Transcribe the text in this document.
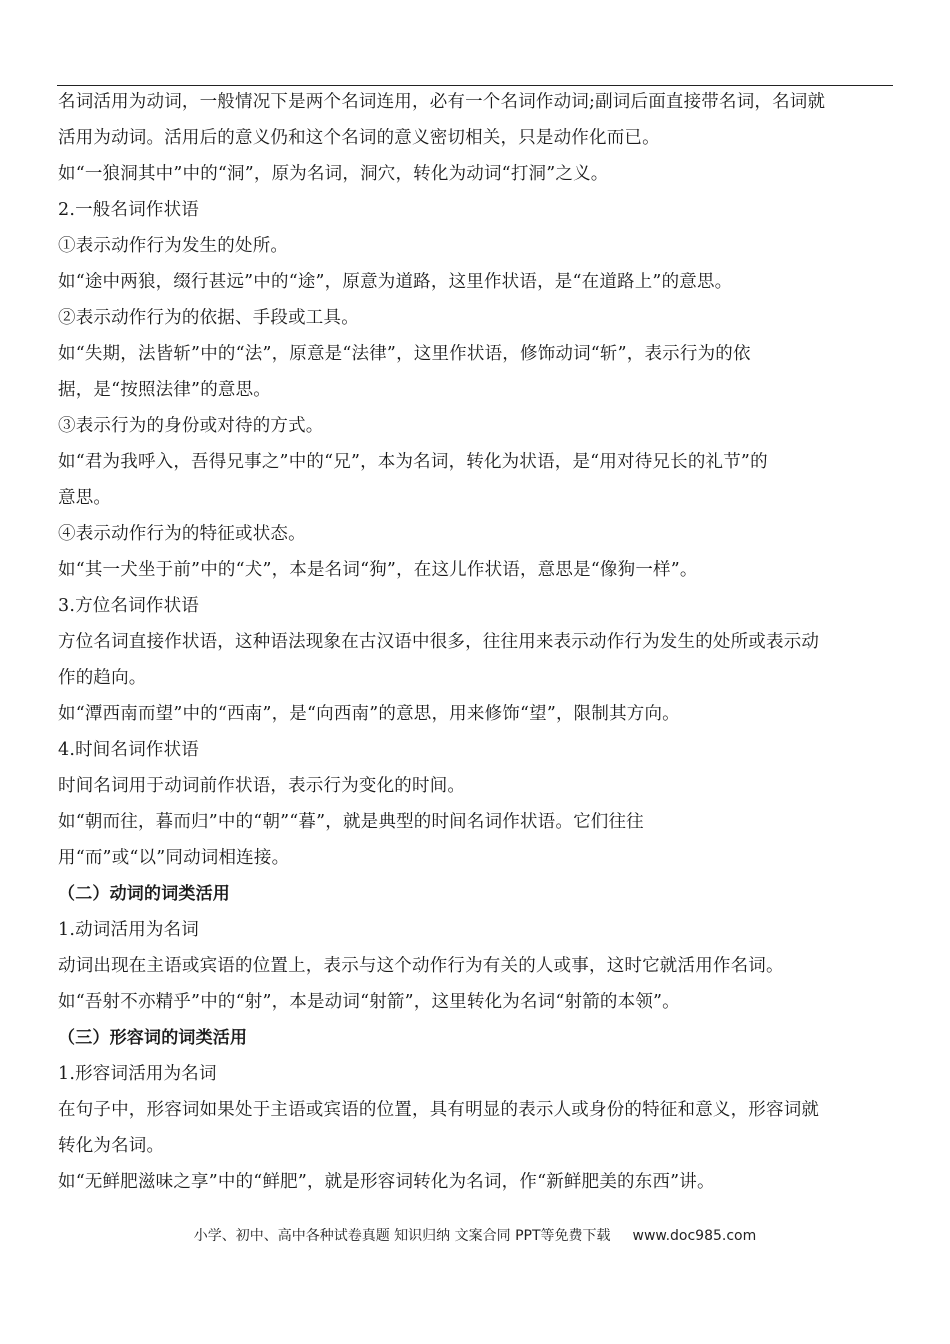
名词活用为动词，一般情况下是两个名词连用，必有一个名词作动词;副词后面直接带名词，名词就
活用为动词。活用后的意义仍和这个名词的意义密切相关，只是动作化而已。
如“一狼洞其中”中的“洞”，原为名词，洞穴，转化为动词“打洞”之义。
2.一般名词作状语
①表示动作行为发生的处所。
如“途中两狼，缀行甚远”中的“途”，原意为道路，这里作状语，是“在道路上”的意思。
②表示动作行为的依据、手段或工具。
如“失期，法皆斩”中的“法”，原意是“法律”，这里作状语，修饰动词“斩”，表示行为的依
据，是“按照法律”的意思。
③表示行为的身份或对待的方式。
如“君为我呼入，吾得兄事之”中的“兄”，本为名词，转化为状语，是“用对待兄长的礼节”的
意思。
④表示动作行为的特征或状态。
如“其一犬坐于前”中的“犬”，本是名词“狗”，在这儿作状语，意思是“像狗一样”。
3.方位名词作状语
方位名词直接作状语，这种语法现象在古汉语中很多，往往用来表示动作行为发生的处所或表示动
作的趋向。
如“潭西南而望”中的“西南”，是“向西南”的意思，用来修饰“望”，限制其方向。
4.时间名词作状语
时间名词用于动词前作状语，表示行为变化的时间。
如“朝而往，暮而归”中的“朝”“暮”，就是典型的时间名词作状语。它们往往
用“而”或“以”同动词相连接。
（二）动词的词类活用
1.动词活用为名词
动词出现在主语或宾语的位置上，表示与这个动作行为有关的人或事，这时它就活用作名词。
如“吾射不亦精乎”中的“射”，本是动词“射箭”，这里转化为名词“射箭的本领”。
（三）形容词的词类活用
1.形容词活用为名词
在句子中，形容词如果处于主语或宾语的位置，具有明显的表示人或身份的特征和意义，形容词就
转化为名词。
如“无鲜肥滋味之享”中的“鲜肥”，就是形容词转化为名词，作“新鲜肥美的东西”讲。
小学、初中、高中各种试卷真题 知识归纳 文案合同 PPT等免费下载 www.doc985.com
